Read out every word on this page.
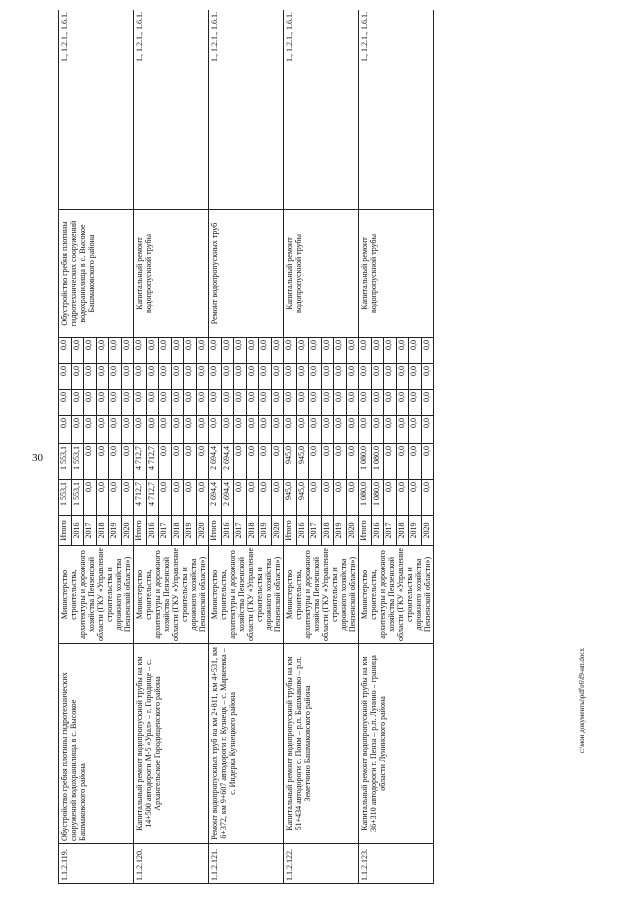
30
c:\мои документы\pdf\r6\f9-нп.docx
1.1.2.119.	Обустройство гребня плотины гидротехнических сооружений водохранилища в с. Высокое Башмаковского района	Министерство строительства, архитектуры и дорожного хозяйства Пензенской области (ГКУ «Управление строительства и дорожного хозяйства Пензенской области»)	Итого	1 553,1	1 553,1	0,0	0,0	0,0	0,0	Обустройство гребня плотины гидротехнических сооружений водохранилища в с. Высокое Башмаковского района	1., 1.2.1., 1.6.1.
			2016	1 553,1	1 553,1	0,0	0,0	0,0	0,0		
			2017	0,0	0,0	0,0	0,0	0,0	0,0		
			2018	0,0	0,0	0,0	0,0	0,0	0,0		
			2019	0,0	0,0	0,0	0,0	0,0	0,0		
			2020	0,0	0,0	0,0	0,0	0,0	0,0		
1.1.2.120.	Капитальный ремонт водопропускной трубы на км 14+500 автодороги М-5 «Урал» – г. Городище – с. Архангельское Городищенского района	Министерство строительства, архитектуры и дорожного хозяйства Пензенской области (ГКУ «Управление строительства и дорожного хозяйства Пензенской области»)	Итого	4 712,7	4 712,7	0,0	0,0	0,0	0,0	Капитальный ремонт водопропускной трубы	1., 1.2.1., 1.6.1.
			2016	4 712,7	4 712,7	0,0	0,0	0,0	0,0		
			2017	0,0	0,0	0,0	0,0	0,0	0,0		
			2018	0,0	0,0	0,0	0,0	0,0	0,0		
			2019	0,0	0,0	0,0	0,0	0,0	0,0		
			2020	0,0	0,0	0,0	0,0	0,0	0,0		
1.1.2.121.	Ремонт водопропускных труб на км 2+811, км 4+531, км 6+372, км 9+607 автодороги г. Кузнецк – с. Маркеевка – с. Индерка Кузнецкого района	Министерство строительства, архитектуры и дорожного хозяйства Пензенской области (ГКУ «Управление строительства и дорожного хозяйства Пензенской области»)	Итого	2 694,4	2 694,4	0,0	0,0	0,0	0,0	Ремонт водопропускных труб	1., 1.2.1., 1.6.1.
			2016	2 694,4	2 694,4	0,0	0,0	0,0	0,0		
			2017	0,0	0,0	0,0	0,0	0,0	0,0		
			2018	0,0	0,0	0,0	0,0	0,0	0,0		
			2019	0,0	0,0	0,0	0,0	0,0	0,0		
			2020	0,0	0,0	0,0	0,0	0,0	0,0		
1.1.2.122.	Капитальный ремонт водопропускной трубы на км 51+434 автодороги с. Поим – р.п. Башмаково – р.п. Земетчино Башмаковского района	Министерство строительства, архитектуры и дорожного хозяйства Пензенской области (ГКУ «Управление строительства и дорожного хозяйства Пензенской области»)	Итого	945,0	945,0	0,0	0,0	0,0	0,0	Капитальный ремонт водопропускной трубы	1., 1.2.1., 1.6.1.
			2016	945,0	945,0	0,0	0,0	0,0	0,0		
			2017	0,0	0,0	0,0	0,0	0,0	0,0		
			2018	0,0	0,0	0,0	0,0	0,0	0,0		
			2019	0,0	0,0	0,0	0,0	0,0	0,0		
			2020	0,0	0,0	0,0	0,0	0,0	0,0		
1.1.2.123.	Капитальный ремонт водопропускной трубы на км 36+310 автодороги г. Пенза – р.п. Лунино – граница области Лунинского района	Министерство строительства, архитектуры и дорожного хозяйства Пензенской области (ГКУ «Управление строительства и дорожного хозяйства Пензенской области»)	Итого	1 080,0	1 080,0	0,0	0,0	0,0	0,0	Капитальный ремонт водопропускной трубы	1., 1.2.1., 1.6.1.
			2016	1 080,0	1 080,0	0,0	0,0	0,0	0,0		
			2017	0,0	0,0	0,0	0,0	0,0	0,0		
			2018	0,0	0,0	0,0	0,0	0,0	0,0		
			2019	0,0	0,0	0,0	0,0	0,0	0,0		
			2020	0,0	0,0	0,0	0,0	0,0	0,0		
